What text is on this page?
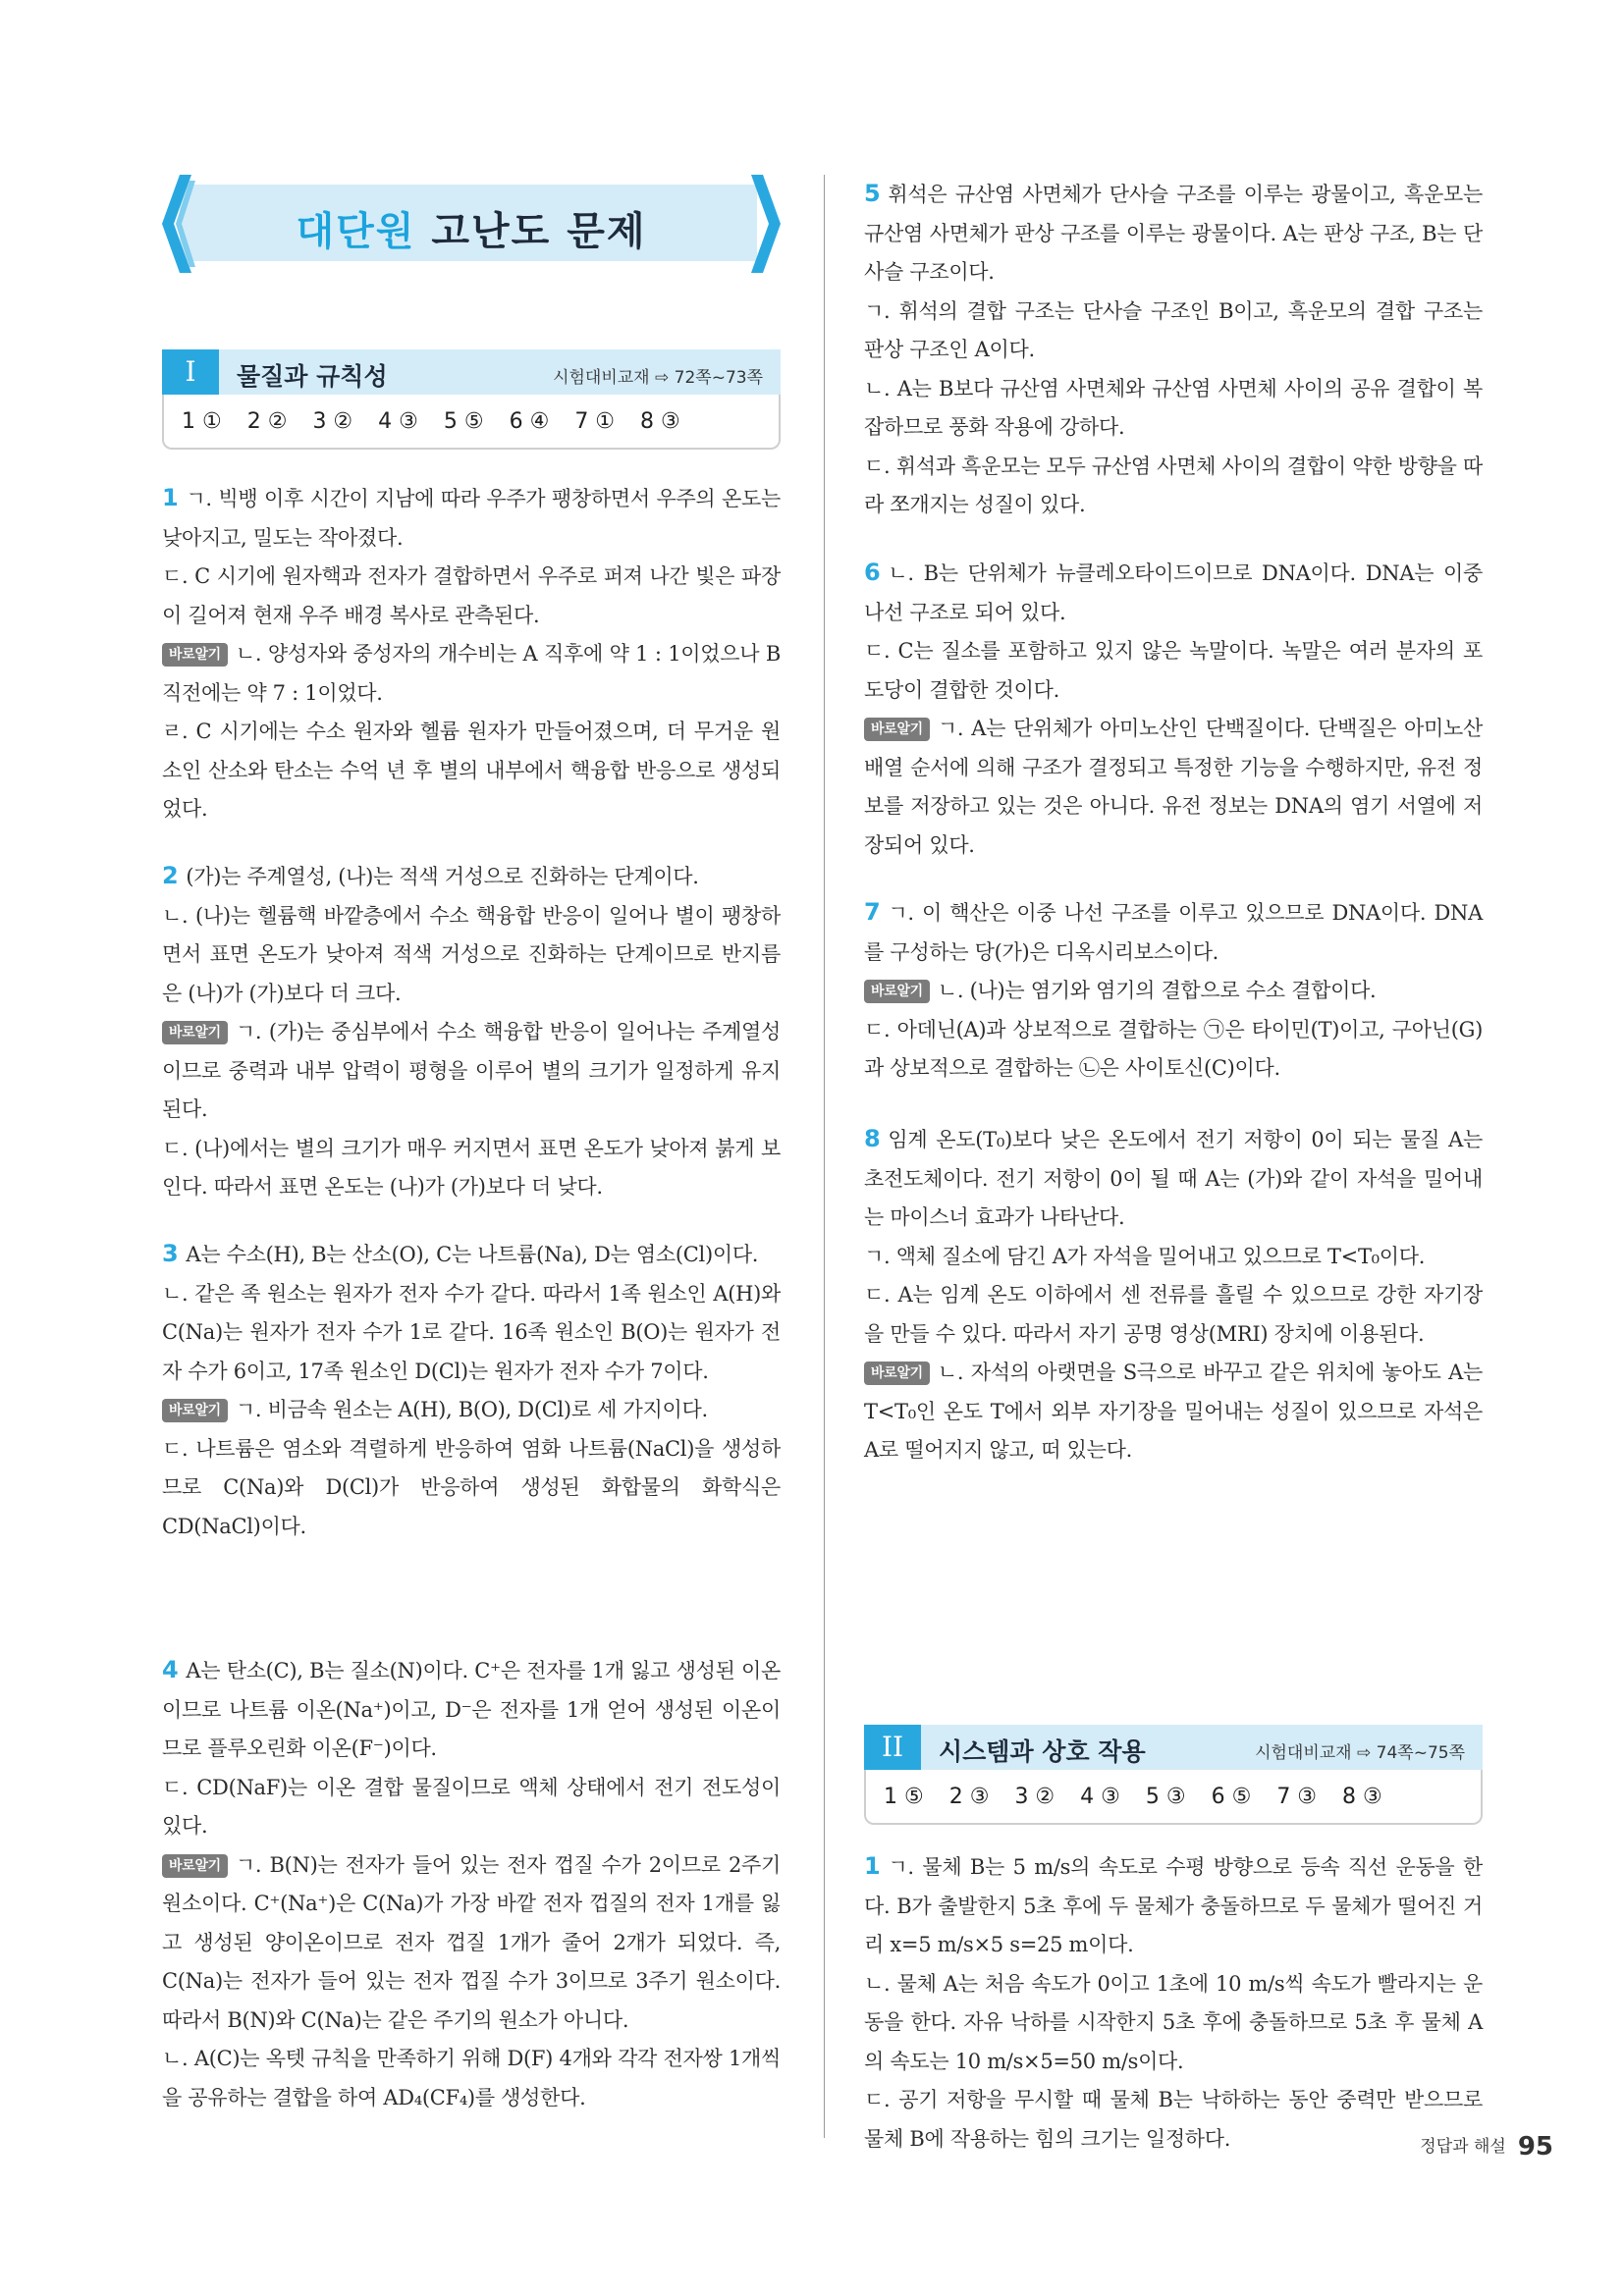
대단원 고난도 문제
I	물질과 규칙성	시험대비교재 ⇨ 72쪽~73쪽
1 ① 2 ② 3 ② 4 ③ 5 ⑤ 6 ④ 7 ① 8 ③

1 ㄱ. 빅뱅 이후 시간이 지남에 따라 우주가 팽창하면서 우주의 온도는 낮아지고, 밀도는 작아졌다.

ㄷ. C 시기에 원자핵과 전자가 결합하면서 우주로 퍼져 나간 빛은 파장이 길어져 현재 우주 배경 복사로 관측된다.

바로알기 ㄴ. 양성자와 중성자의 개수비는 A 직후에 약 1 : 1이었으나 B 직전에는 약 7 : 1이었다.

ㄹ. C 시기에는 수소 원자와 헬륨 원자가 만들어졌으며, 더 무거운 원소인 산소와 탄소는 수억 년 후 별의 내부에서 핵융합 반응으로 생성되었다.

2 (가)는 주계열성, (나)는 적색 거성으로 진화하는 단계이다.

ㄴ. (나)는 헬륨핵 바깥층에서 수소 핵융합 반응이 일어나 별이 팽창하면서 표면 온도가 낮아져 적색 거성으로 진화하는 단계이므로 반지름은 (나)가 (가)보다 더 크다.

바로알기 ㄱ. (가)는 중심부에서 수소 핵융합 반응이 일어나는 주계열성이므로 중력과 내부 압력이 평형을 이루어 별의 크기가 일정하게 유지된다.

ㄷ. (나)에서는 별의 크기가 매우 커지면서 표면 온도가 낮아져 붉게 보인다. 따라서 표면 온도는 (나)가 (가)보다 더 낮다.

3 A는 수소(H), B는 산소(O), C는 나트륨(Na), D는 염소(Cl)이다.

ㄴ. 같은 족 원소는 원자가 전자 수가 같다. 따라서 1족 원소인 A(H)와 C(Na)는 원자가 전자 수가 1로 같다. 16족 원소인 B(O)는 원자가 전자 수가 6이고, 17족 원소인 D(Cl)는 원자가 전자 수가 7이다.

바로알기 ㄱ. 비금속 원소는 A(H), B(O), D(Cl)로 세 가지이다.

ㄷ. 나트륨은 염소와 격렬하게 반응하여 염화 나트륨(NaCl)을 생성하므로 C(Na)와 D(Cl)가 반응하여 생성된 화합물의 화학식은 CD(NaCl)이다.

4 A는 탄소(C), B는 질소(N)이다. C⁺은 전자를 1개 잃고 생성된 이온이므로 나트륨 이온(Na⁺)이고, D⁻은 전자를 1개 얻어 생성된 이온이므로 플루오린화 이온(F⁻)이다.

ㄷ. CD(NaF)는 이온 결합 물질이므로 액체 상태에서 전기 전도성이 있다.

바로알기 ㄱ. B(N)는 전자가 들어 있는 전자 껍질 수가 2이므로 2주기 원소이다. C⁺(Na⁺)은 C(Na)가 가장 바깥 전자 껍질의 전자 1개를 잃고 생성된 양이온이므로 전자 껍질 1개가 줄어 2개가 되었다. 즉, C(Na)는 전자가 들어 있는 전자 껍질 수가 3이므로 3주기 원소이다. 따라서 B(N)와 C(Na)는 같은 주기의 원소가 아니다.

ㄴ. A(C)는 옥텟 규칙을 만족하기 위해 D(F) 4개와 각각 전자쌍 1개씩을 공유하는 결합을 하여 AD₄(CF₄)를 생성한다.

5 휘석은 규산염 사면체가 단사슬 구조를 이루는 광물이고, 흑운모는 규산염 사면체가 판상 구조를 이루는 광물이다. A는 판상 구조, B는 단사슬 구조이다.

ㄱ. 휘석의 결합 구조는 단사슬 구조인 B이고, 흑운모의 결합 구조는 판상 구조인 A이다.

ㄴ. A는 B보다 규산염 사면체와 규산염 사면체 사이의 공유 결합이 복잡하므로 풍화 작용에 강하다.

ㄷ. 휘석과 흑운모는 모두 규산염 사면체 사이의 결합이 약한 방향을 따라 쪼개지는 성질이 있다.

6 ㄴ. B는 단위체가 뉴클레오타이드이므로 DNA이다. DNA는 이중 나선 구조로 되어 있다.

ㄷ. C는 질소를 포함하고 있지 않은 녹말이다. 녹말은 여러 분자의 포도당이 결합한 것이다.

바로알기 ㄱ. A는 단위체가 아미노산인 단백질이다. 단백질은 아미노산 배열 순서에 의해 구조가 결정되고 특정한 기능을 수행하지만, 유전 정보를 저장하고 있는 것은 아니다. 유전 정보는 DNA의 염기 서열에 저장되어 있다.

7 ㄱ. 이 핵산은 이중 나선 구조를 이루고 있으므로 DNA이다. DNA를 구성하는 당(가)은 디옥시리보스이다.

바로알기 ㄴ. (나)는 염기와 염기의 결합으로 수소 결합이다.

ㄷ. 아데닌(A)과 상보적으로 결합하는 ㉠은 타이민(T)이고, 구아닌(G)과 상보적으로 결합하는 ㉡은 사이토신(C)이다.

8 임계 온도(T₀)보다 낮은 온도에서 전기 저항이 0이 되는 물질 A는 초전도체이다. 전기 저항이 0이 될 때 A는 (가)와 같이 자석을 밀어내는 마이스너 효과가 나타난다.

ㄱ. 액체 질소에 담긴 A가 자석을 밀어내고 있으므로 T<T₀이다.

ㄷ. A는 임계 온도 이하에서 센 전류를 흘릴 수 있으므로 강한 자기장을 만들 수 있다. 따라서 자기 공명 영상(MRI) 장치에 이용된다.

바로알기 ㄴ. 자석의 아랫면을 S극으로 바꾸고 같은 위치에 놓아도 A는 T<T₀인 온도 T에서 외부 자기장을 밀어내는 성질이 있으므로 자석은 A로 떨어지지 않고, 떠 있는다.

II	시스템과 상호 작용	시험대비교재 ⇨ 74쪽~75쪽
1 ⑤ 2 ③ 3 ② 4 ③ 5 ③ 6 ⑤ 7 ③ 8 ③

1 ㄱ. 물체 B는 5 m/s의 속도로 수평 방향으로 등속 직선 운동을 한다. B가 출발한지 5초 후에 두 물체가 충돌하므로 두 물체가 떨어진 거리 x=5 m/s×5 s=25 m이다.

ㄴ. 물체 A는 처음 속도가 0이고 1초에 10 m/s씩 속도가 빨라지는 운동을 한다. 자유 낙하를 시작한지 5초 후에 충돌하므로 5초 후 물체 A의 속도는 10 m/s×5=50 m/s이다.

ㄷ. 공기 저항을 무시할 때 물체 B는 낙하하는 동안 중력만 받으므로 물체 B에 작용하는 힘의 크기는 일정하다.	정답과 해설 95
